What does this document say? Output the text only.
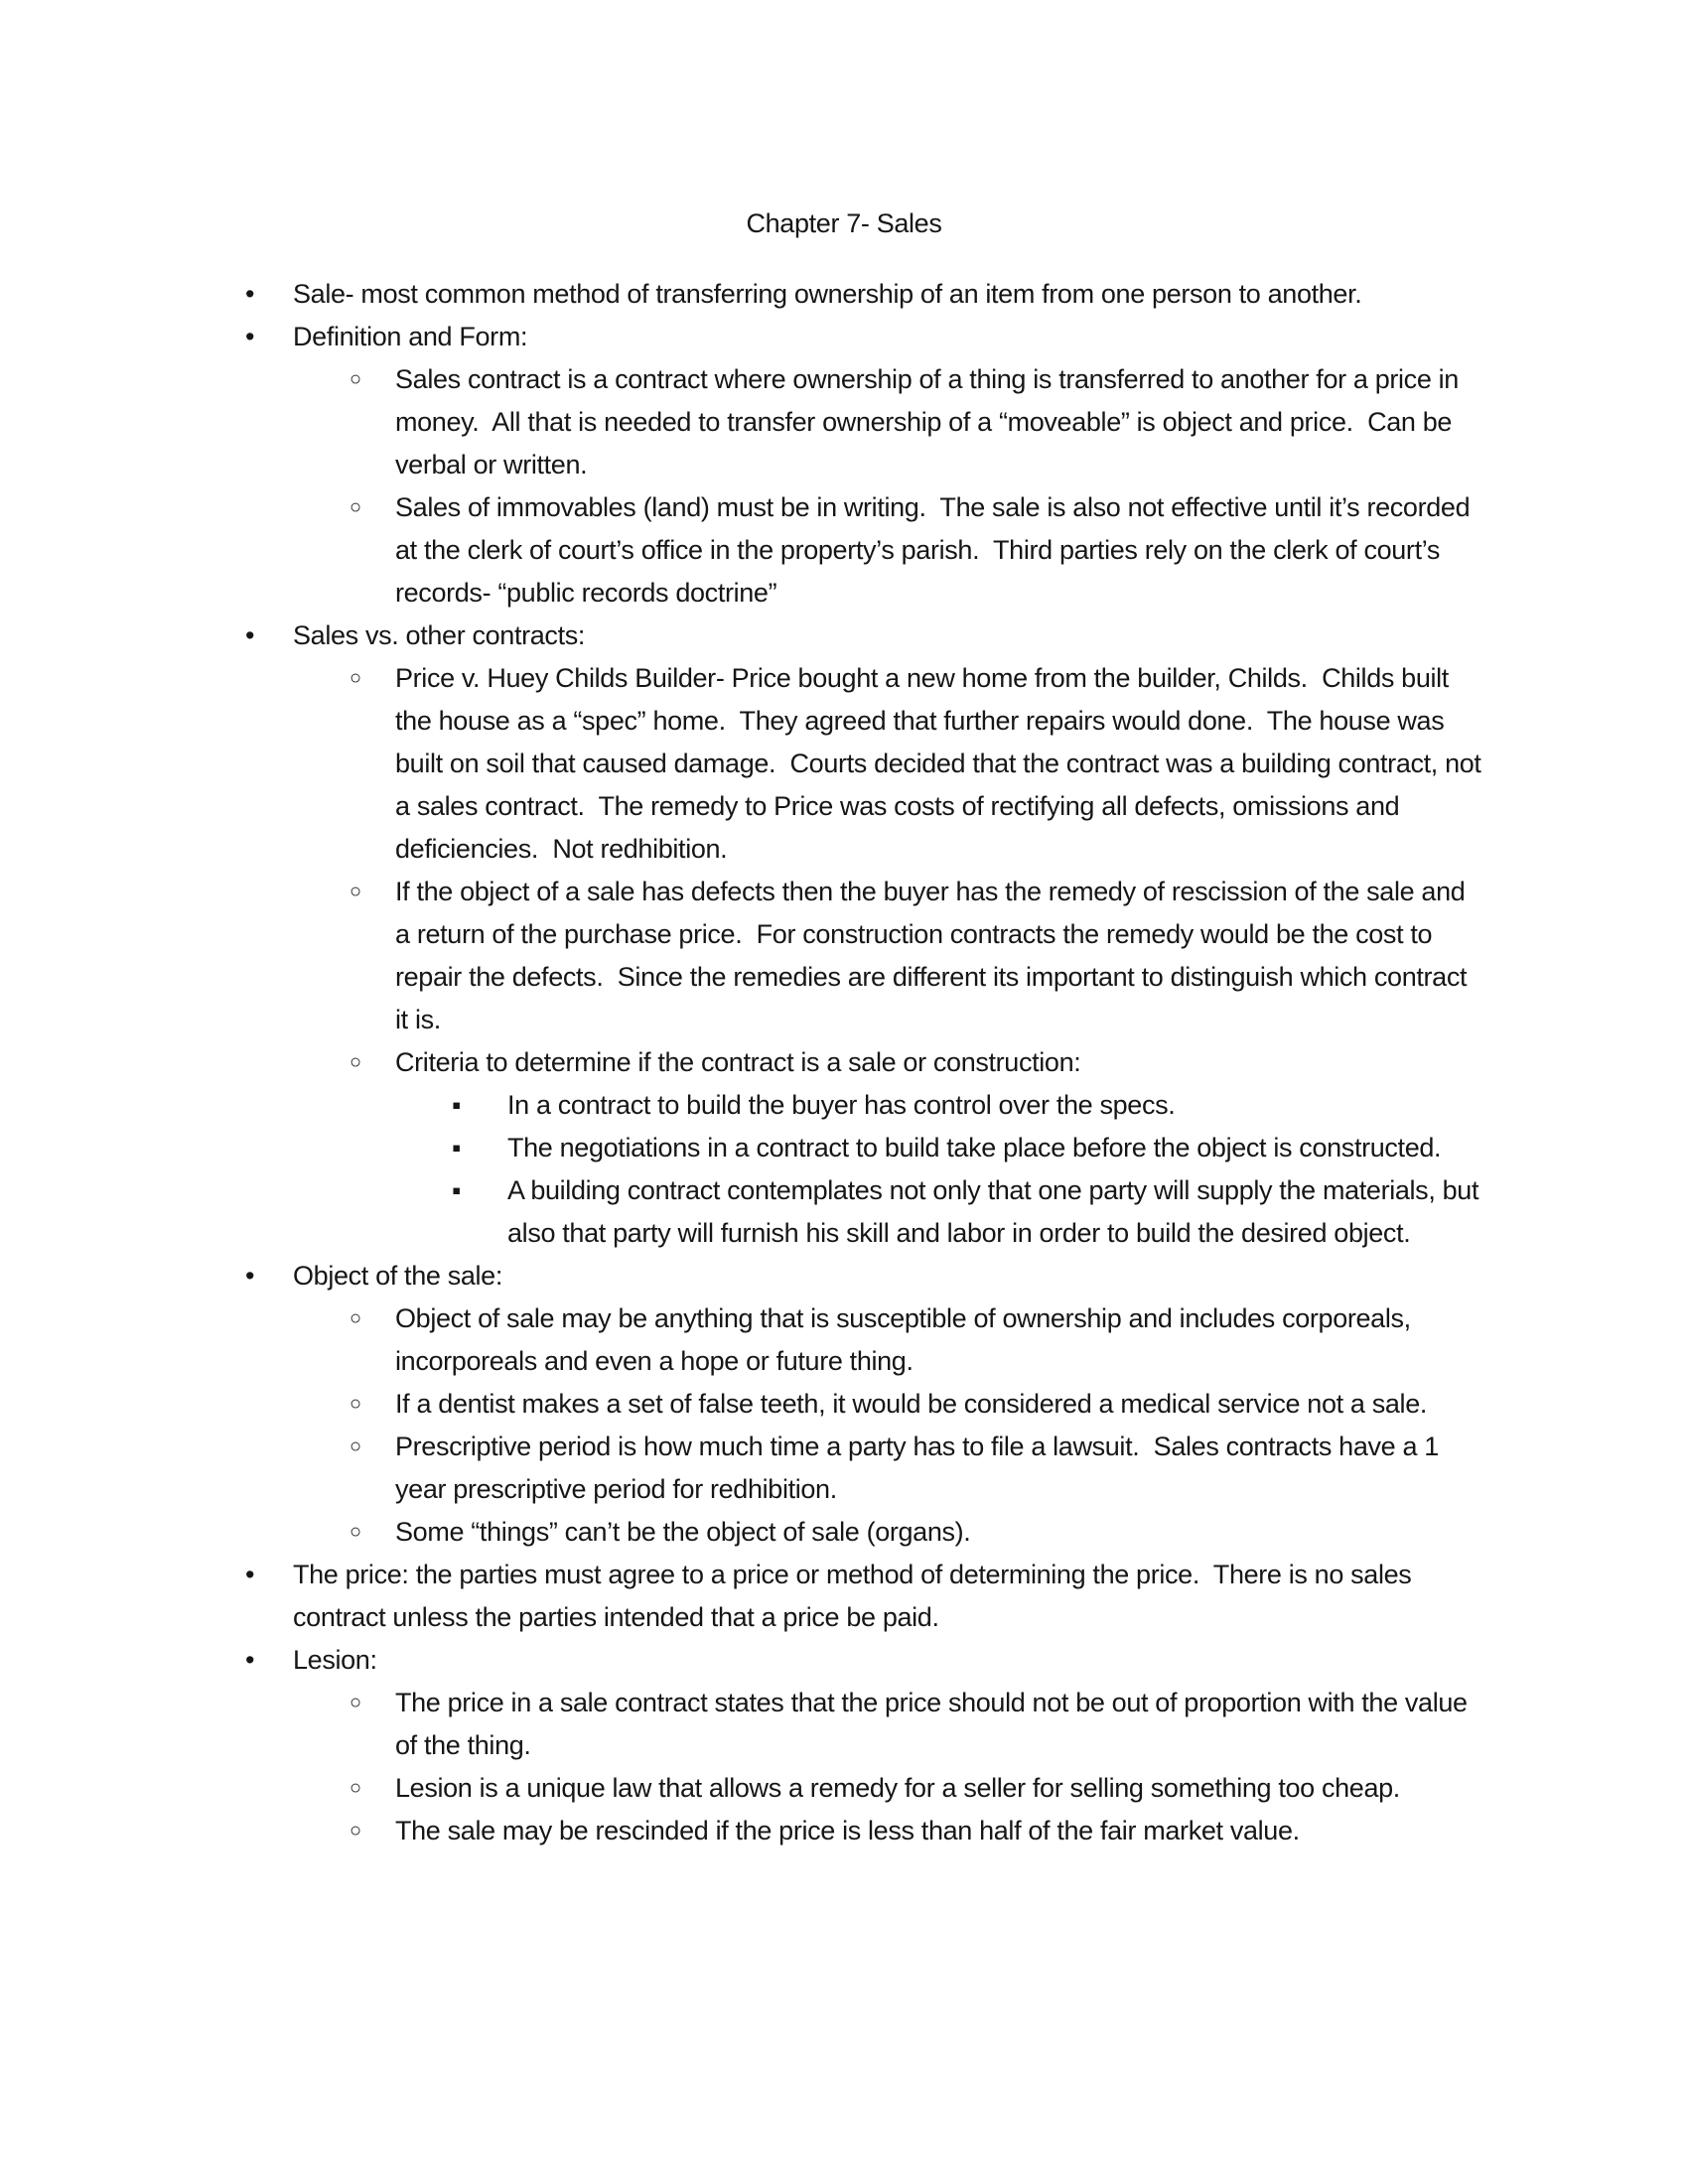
Chapter 7- Sales
• Sale- most common method of transferring ownership of an item from one person to another.

• Definition and Form:

○ Sales contract is a contract where ownership of a thing is transferred to another for a price in money.  All that is needed to transfer ownership of a “moveable” is object and price.  Can be verbal or written.

○ Sales of immovables (land) must be in writing.  The sale is also not effective until it’s recorded at the clerk of court’s office in the property’s parish.  Third parties rely on the clerk of court’s records- “public records doctrine”

• Sales vs. other contracts:

○ Price v. Huey Childs Builder- Price bought a new home from the builder, Childs.  Childs built the house as a “spec” home.  They agreed that further repairs would done.  The house was built on soil that caused damage.  Courts decided that the contract was a building contract, not a sales contract.  The remedy to Price was costs of rectifying all defects, omissions and deficiencies.  Not redhibition.

○ If the object of a sale has defects then the buyer has the remedy of rescission of the sale and a return of the purchase price.  For construction contracts the remedy would be the cost to repair the defects.  Since the remedies are different its important to distinguish which contract it is.

○ Criteria to determine if the contract is a sale or construction:

▪ In a contract to build the buyer has control over the specs.

▪ The negotiations in a contract to build take place before the object is constructed.

▪ A building contract contemplates not only that one party will supply the materials, but also that party will furnish his skill and labor in order to build the desired object.

• Object of the sale:

○ Object of sale may be anything that is susceptible of ownership and includes corporeals, incorporeals and even a hope or future thing.

○ If a dentist makes a set of false teeth, it would be considered a medical service not a sale.

○ Prescriptive period is how much time a party has to file a lawsuit.  Sales contracts have a 1 year prescriptive period for redhibition.

○ Some “things” can’t be the object of sale (organs).

• The price: the parties must agree to a price or method of determining the price.  There is no sales contract unless the parties intended that a price be paid.

• Lesion:

○ The price in a sale contract states that the price should not be out of proportion with the value of the thing.

○ Lesion is a unique law that allows a remedy for a seller for selling something too cheap.

○ The sale may be rescinded if the price is less than half of the fair market value.
